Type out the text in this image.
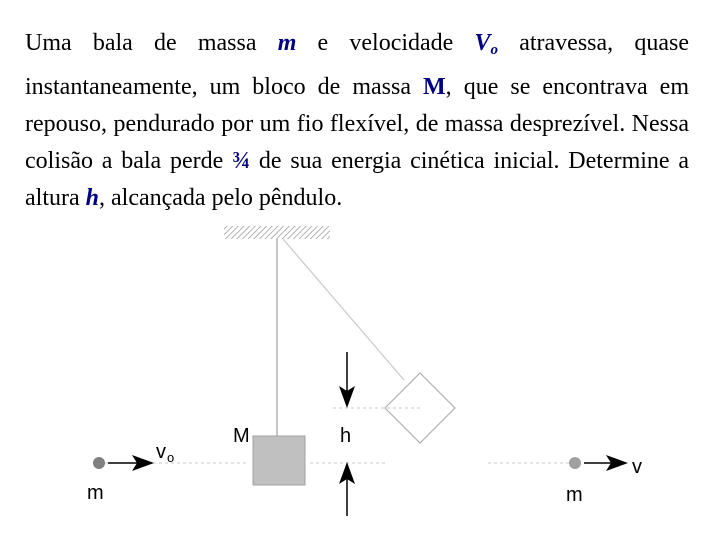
Uma bala de massa m e velocidade Vo atravessa, quase instantaneamente, um bloco de massa M, que se encontrava em repouso, pendurado por um fio flexível, de massa desprezível. Nessa colisão a bala perde ¾ de sua energia cinética inicial. Determine a altura h, alcançada pelo pêndulo.

M	h
v o
m	m
v
